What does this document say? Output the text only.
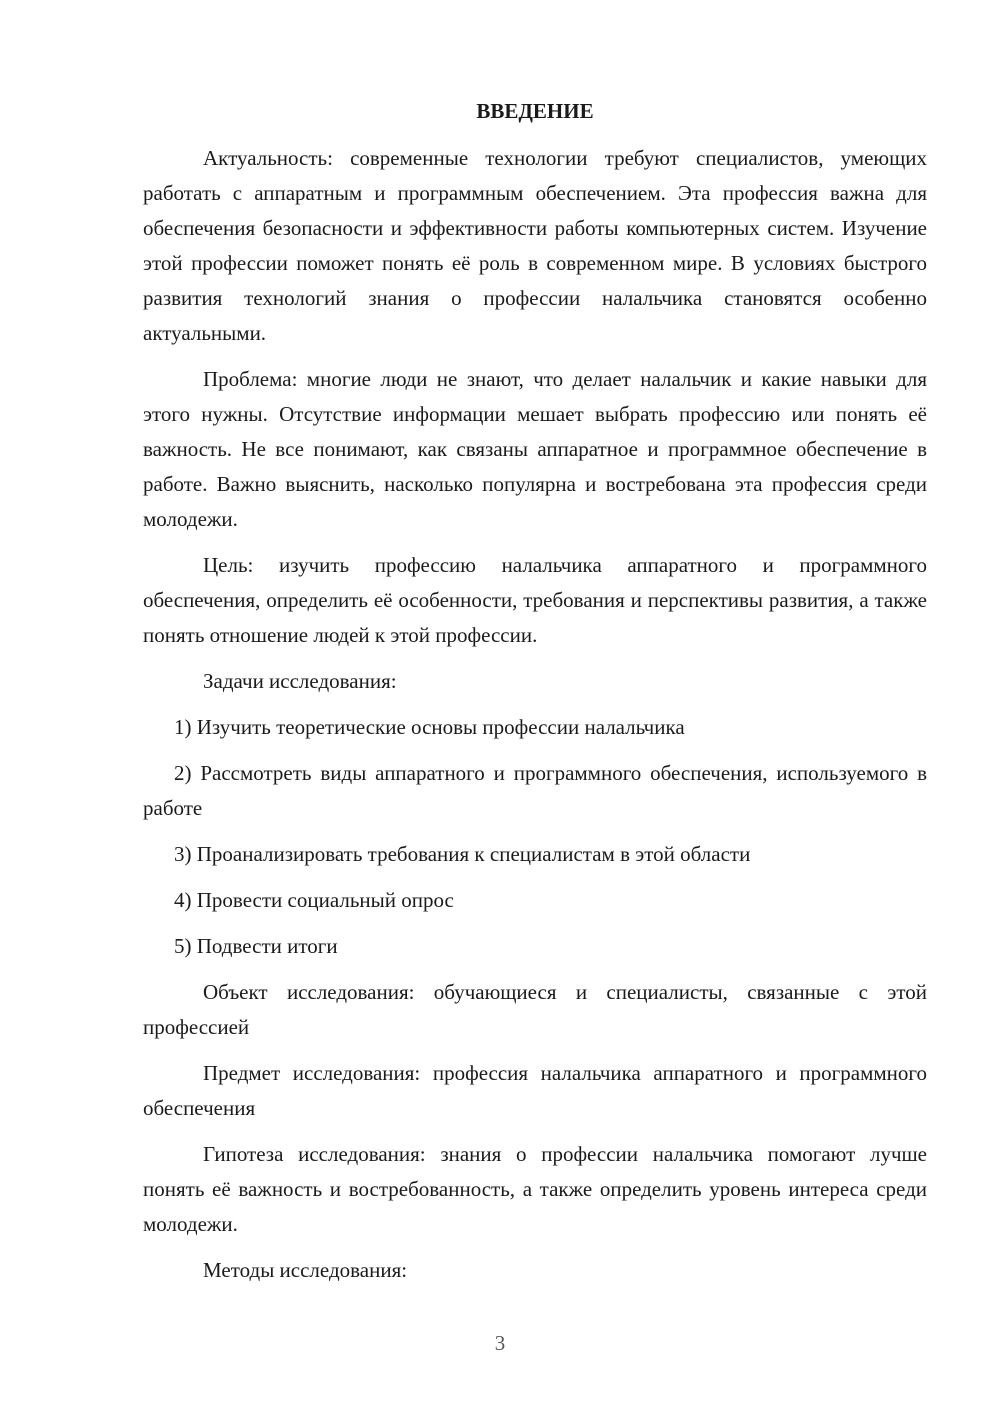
ВВЕДЕНИЕ

Актуальность: современные технологии требуют специалистов, умеющих работать с аппаратным и программным обеспечением. Эта профессия важна для обеспечения безопасности и эффективности работы компьютерных систем. Изучение этой профессии поможет понять её роль в современном мире. В условиях быстрого развития технологий знания о профессии налальчика становятся особенно актуальными.

Проблема: многие люди не знают, что делает налальчик и какие навыки для этого нужны. Отсутствие информации мешает выбрать профессию или понять её важность. Не все понимают, как связаны аппаратное и программное обеспечение в работе. Важно выяснить, насколько популярна и востребована эта профессия среди молодежи.

Цель: изучить профессию налальчика аппаратного и программного обеспечения, определить её особенности, требования и перспективы развития, а также понять отношение людей к этой профессии.

Задачи исследования:

1) Изучить теоретические основы профессии налальчика

2) Рассмотреть виды аппаратного и программного обеспечения, используемого в работе

3) Проанализировать требования к специалистам в этой области

4) Провести социальный опрос

5) Подвести итоги

Объект исследования: обучающиеся и специалисты, связанные с этой профессией

Предмет исследования: профессия налальчика аппаратного и программного обеспечения

Гипотеза исследования: знания о профессии налальчика помогают лучше понять её важность и востребованность, а также определить уровень интереса среди молодежи.

Методы исследования:

3
